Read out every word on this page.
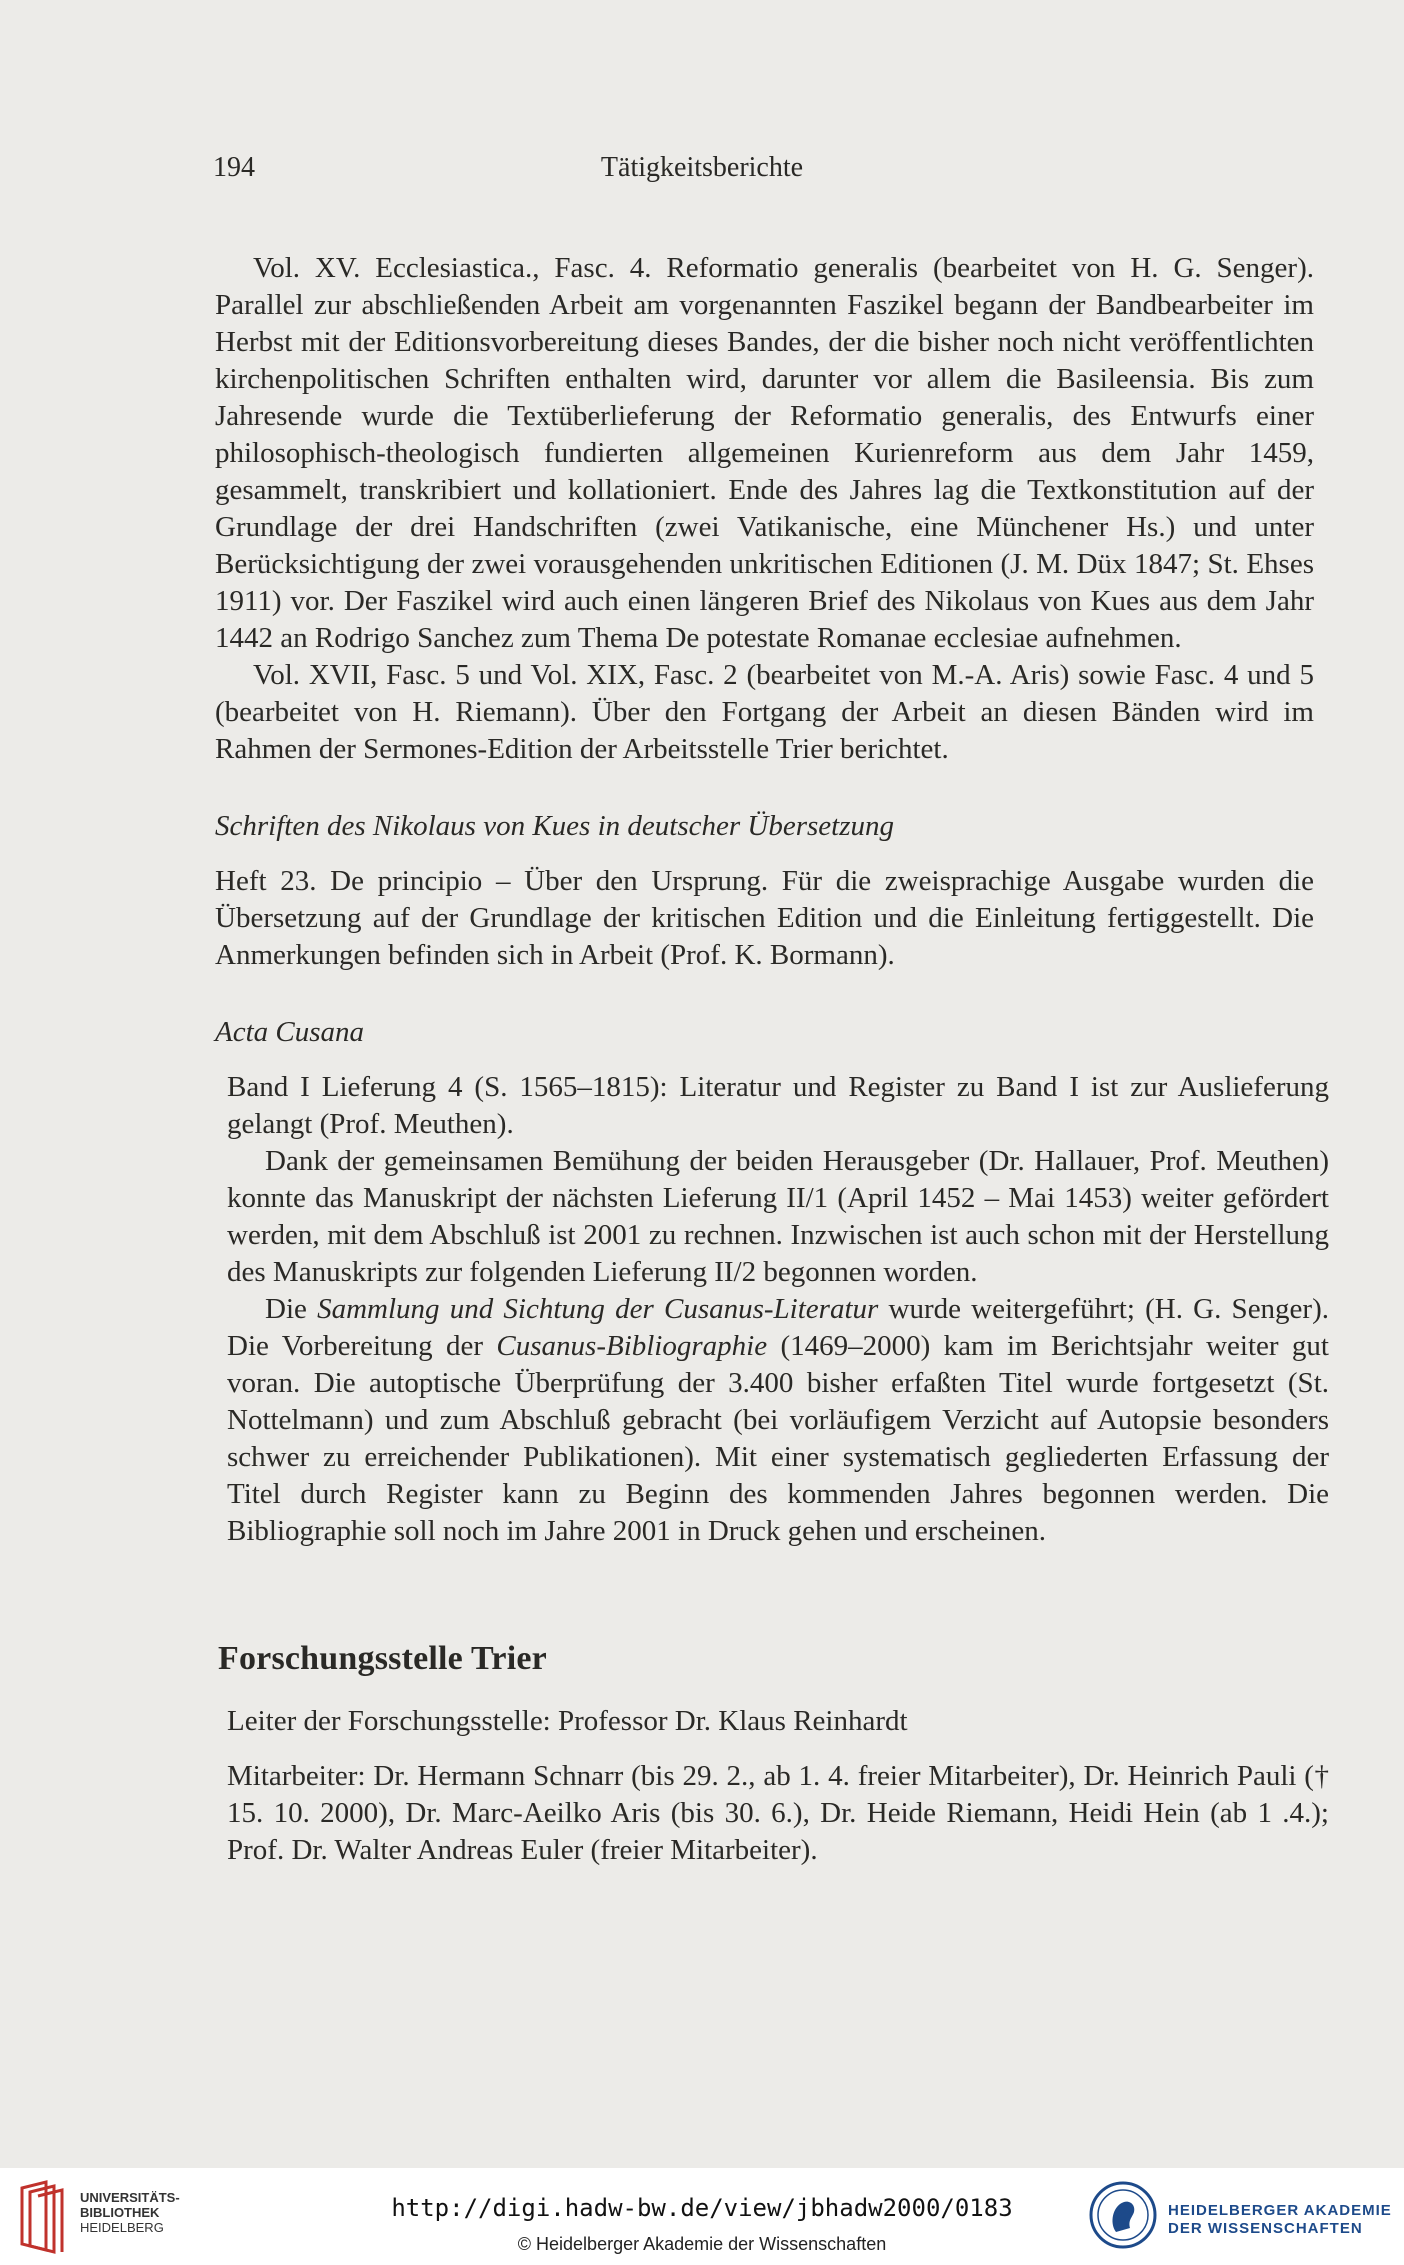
194	Tätigkeitsberichte

Vol. XV. Ecclesiastica., Fasc. 4. Reformatio generalis (bearbeitet von H. G. Senger). Parallel zur abschließenden Arbeit am vorgenannten Faszikel begann der Bandbearbeiter im Herbst mit der Editionsvorbereitung dieses Bandes, der die bisher noch nicht veröffentlichten kirchenpolitischen Schriften enthalten wird, darunter vor allem die Basileensia. Bis zum Jahresende wurde die Textüberlieferung der Reformatio generalis, des Entwurfs einer philosophisch-theologisch fundierten allgemeinen Kurienreform aus dem Jahr 1459, gesammelt, transkribiert und kollationiert. Ende des Jahres lag die Textkonstitution auf der Grundlage der drei Handschriften (zwei Vatikanische, eine Münchener Hs.) und unter Berücksichtigung der zwei vorausgehenden unkritischen Editionen (J. M. Düx 1847; St. Ehses 1911) vor. Der Faszikel wird auch einen längeren Brief des Nikolaus von Kues aus dem Jahr 1442 an Rodrigo Sanchez zum Thema De potestate Romanae ecclesiae aufnehmen.

Vol. XVII, Fasc. 5 und Vol. XIX, Fasc. 2 (bearbeitet von M.-A. Aris) sowie Fasc. 4 und 5 (bearbeitet von H. Riemann). Über den Fortgang der Arbeit an diesen Bänden wird im Rahmen der Sermones-Edition der Arbeitsstelle Trier berichtet.

Schriften des Nikolaus von Kues in deutscher Übersetzung

Heft 23. De principio – Über den Ursprung. Für die zweisprachige Ausgabe wurden die Übersetzung auf der Grundlage der kritischen Edition und die Einleitung fertiggestellt. Die Anmerkungen befinden sich in Arbeit (Prof. K. Bormann).

Acta Cusana

Band I Lieferung 4 (S. 1565–1815): Literatur und Register zu Band I ist zur Auslieferung gelangt (Prof. Meuthen).

Dank der gemeinsamen Bemühung der beiden Herausgeber (Dr. Hallauer, Prof. Meuthen) konnte das Manuskript der nächsten Lieferung II/1 (April 1452 – Mai 1453) weiter gefördert werden, mit dem Abschluß ist 2001 zu rechnen. Inzwischen ist auch schon mit der Herstellung des Manuskripts zur folgenden Lieferung II/2 begonnen worden.

Die Sammlung und Sichtung der Cusanus-Literatur wurde weitergeführt; (H. G. Senger). Die Vorbereitung der Cusanus-Bibliographie (1469–2000) kam im Berichtsjahr weiter gut voran. Die autoptische Überprüfung der 3.400 bisher erfaßten Titel wurde fortgesetzt (St. Nottelmann) und zum Abschluß gebracht (bei vorläufigem Verzicht auf Autopsie besonders schwer zu erreichender Publikationen). Mit einer systematisch gegliederten Erfassung der Titel durch Register kann zu Beginn des kommenden Jahres begonnen werden. Die Bibliographie soll noch im Jahre 2001 in Druck gehen und erscheinen.

Forschungsstelle Trier

Leiter der Forschungsstelle: Professor Dr. Klaus Reinhardt

Mitarbeiter: Dr. Hermann Schnarr (bis 29. 2., ab 1. 4. freier Mitarbeiter), Dr. Heinrich Pauli († 15. 10. 2000), Dr. Marc-Aeilko Aris (bis 30. 6.), Dr. Heide Riemann, Heidi Hein (ab 1 .4.); Prof. Dr. Walter Andreas Euler (freier Mitarbeiter).

UNIVERSITÄTS-
BIBLIOTHEK
HEIDELBERG
http://digi.hadw-bw.de/view/jbhadw2000/0183
© Heidelberger Akademie der Wissenschaften
HEIDELBERGER AKADEMIE
DER WISSENSCHAFTEN
